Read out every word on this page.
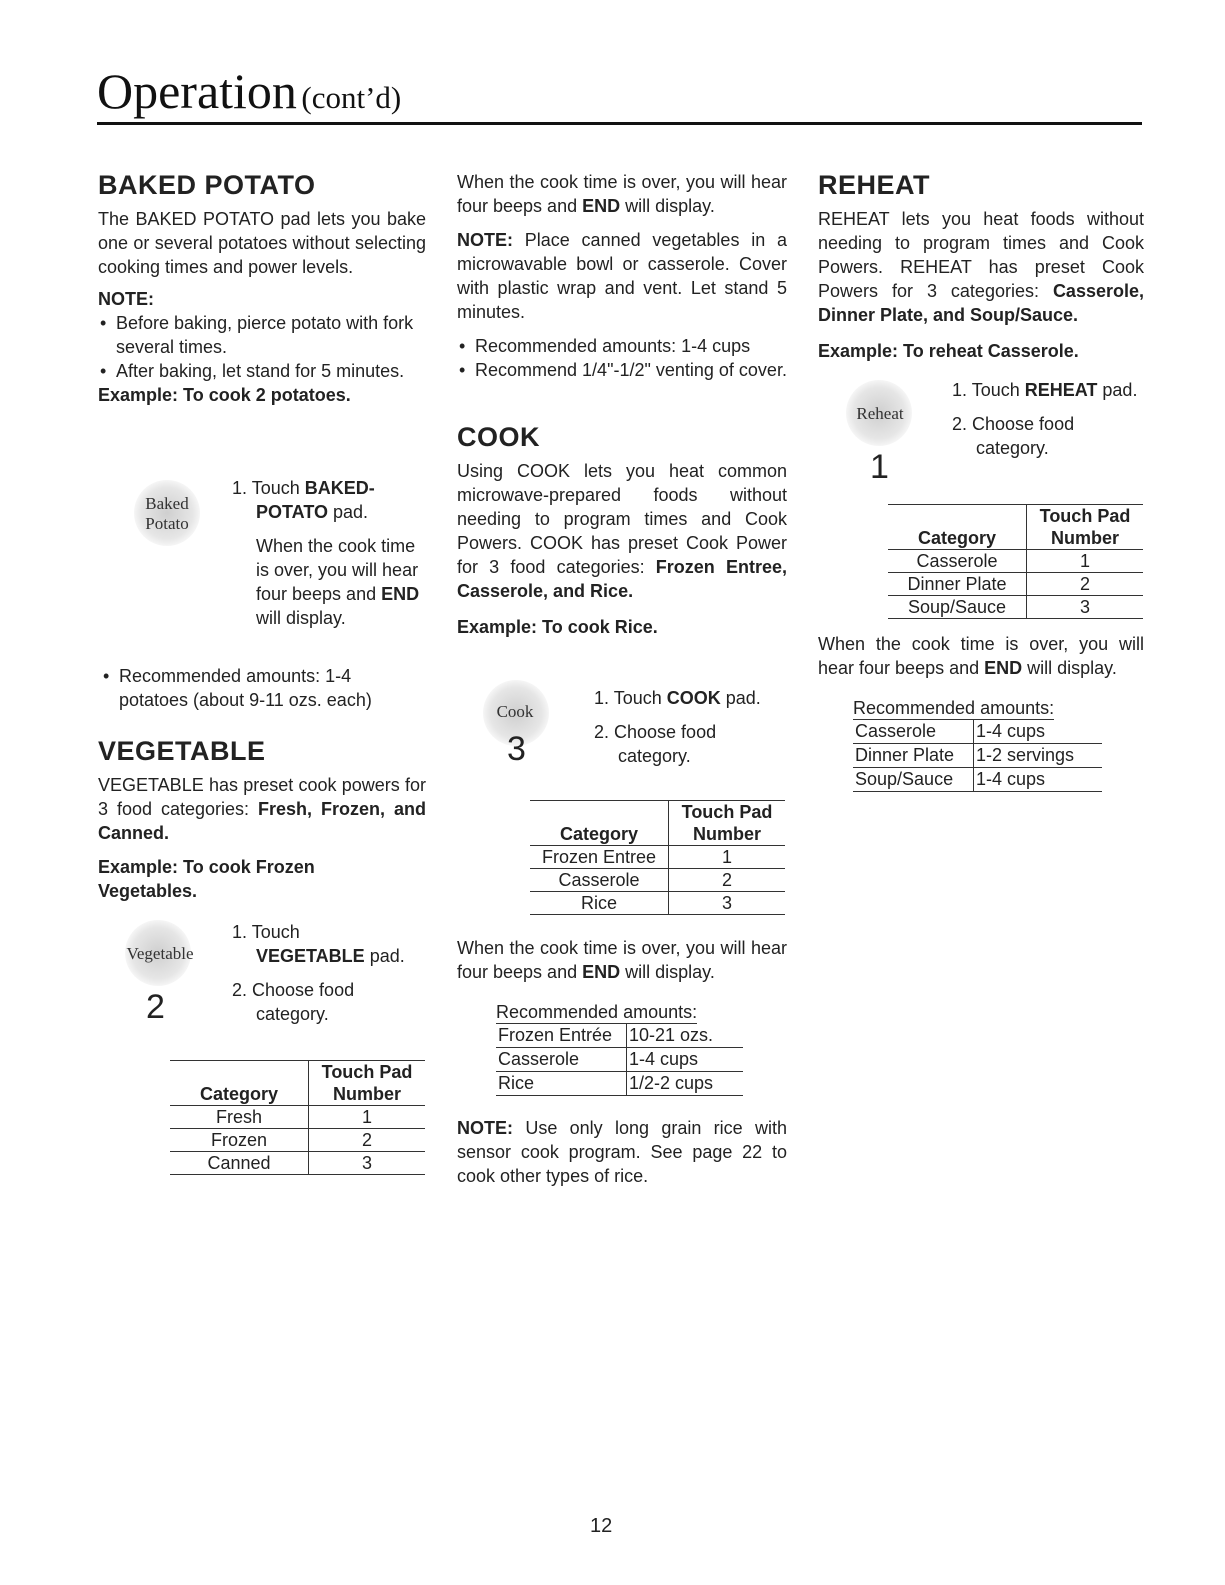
Operation (cont’d)
BAKED POTATO

The BAKED POTATO pad lets you bake one or several potatoes without selecting cooking times and power levels.

NOTE:
• Before baking, pierce potato with fork several times.
• After baking, let stand for 5 minutes.
Example: To cook 2 potatoes.
Baked
Potato
1. Touch BAKED-POTATO pad.
When the cook time is over, you will hear four beeps and END will display.
• Recommended amounts: 1-4 potatoes (about 9-11 ozs. each)
VEGETABLE

VEGETABLE has preset cook powers for 3 food categories: Fresh, Frozen, and Canned.

Example: To cook Frozen Vegetables.
Vegetable
2
1. Touch
VEGETABLE pad.
2. Choose food category.
Category	Touch Pad Number
Fresh	1
Frozen	2
Canned	3

When the cook time is over, you will hear four beeps and END will display.

NOTE: Place canned vegetables in a microwavable bowl or casserole. Cover with plastic wrap and vent. Let stand 5 minutes.

• Recommended amounts: 1-4 cups
• Recommend 1/4"-1/2" venting of cover.
COOK

Using COOK lets you heat common microwave-prepared foods without needing to program times and Cook Powers. COOK has preset Cook Power for 3 food categories: Frozen Entree, Casserole, and Rice.

Example: To cook Rice.
Cook
3
1. Touch COOK pad.
2. Choose food category.
Category	Touch Pad Number
Frozen Entree	1
Casserole	2
Rice	3

When the cook time is over, you will hear four beeps and END will display.

Recommended amounts:
Frozen Entrée	10-21 ozs.
Casserole	1-4 cups
Rice	1/2-2 cups

NOTE: Use only long grain rice with sensor cook program. See page 22 to cook other types of rice.

REHEAT

REHEAT lets you heat foods without needing to program times and Cook Powers. REHEAT has preset Cook Powers for 3 categories: Casserole, Dinner Plate, and Soup/Sauce.

Example: To reheat Casserole.
Reheat
1
1. Touch REHEAT pad.
2. Choose food category.
Category	Touch Pad Number
Casserole	1
Dinner Plate	2
Soup/Sauce	3

When the cook time is over, you will hear four beeps and END will display.

Recommended amounts:
Casserole	1-4 cups
Dinner Plate	1-2 servings
Soup/Sauce	1-4 cups
12
